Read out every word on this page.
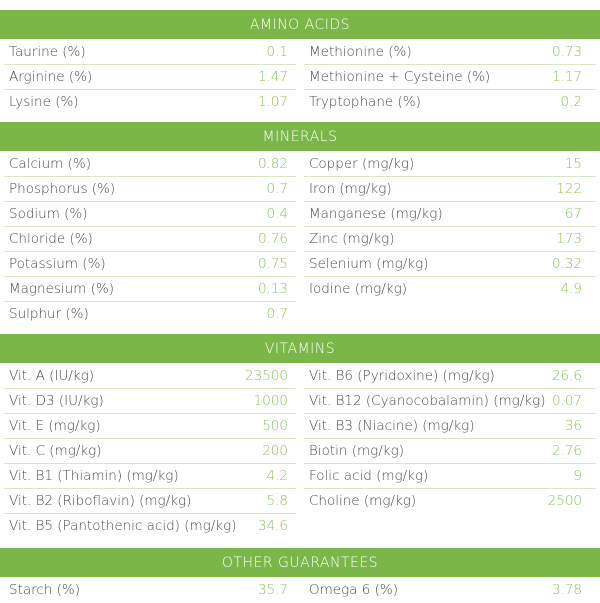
AMINO ACIDS
Taurine (%)	0.1 Methionine (%)	0.73
Arginine (%)	1.47 Methionine + Cysteine (%)	1.17
Lysine (%)	1.07 Tryptophane (%)	0.2
MINERALS
Calcium (%)	0.82 Copper (mg/kg)	15
Phosphorus (%)	0.7 Iron (mg/kg)	122
Sodium (%)	0.4 Manganese (mg/kg)	67
Chloride (%)	0.76 Zinc (mg/kg)	173
Potassium (%)	0.75 Selenium (mg/kg)	0.32
Magnesium (%)	0.13 Iodine (mg/kg)	4.9
Sulphur (%)	0.7
VITAMINS
Vit. A (IU/kg)	23500 Vit. B6 (Pyridoxine) (mg/kg)	26.6
Vit. D3 (IU/kg)	1000 Vit. B12 (Cyanocobalamin) (mg/kg) 0.07
Vit. E (mg/kg)	500 Vit. B3 (Niacine) (mg/kg)	36
Vit. C (mg/kg)	200 Biotin (mg/kg)	2.76
Vit. B1 (Thiamin) (mg/kg)	4.2 Folic acid (mg/kg)	9
Vit. B2 (Riboflavin) (mg/kg)	5.8 Choline (mg/kg)	2500
Vit. B5 (Pantothenic acid) (mg/kg) 34.6
OTHER GUARANTEES
Starch (%)	35.7 Omega 6 (%)	3.78
